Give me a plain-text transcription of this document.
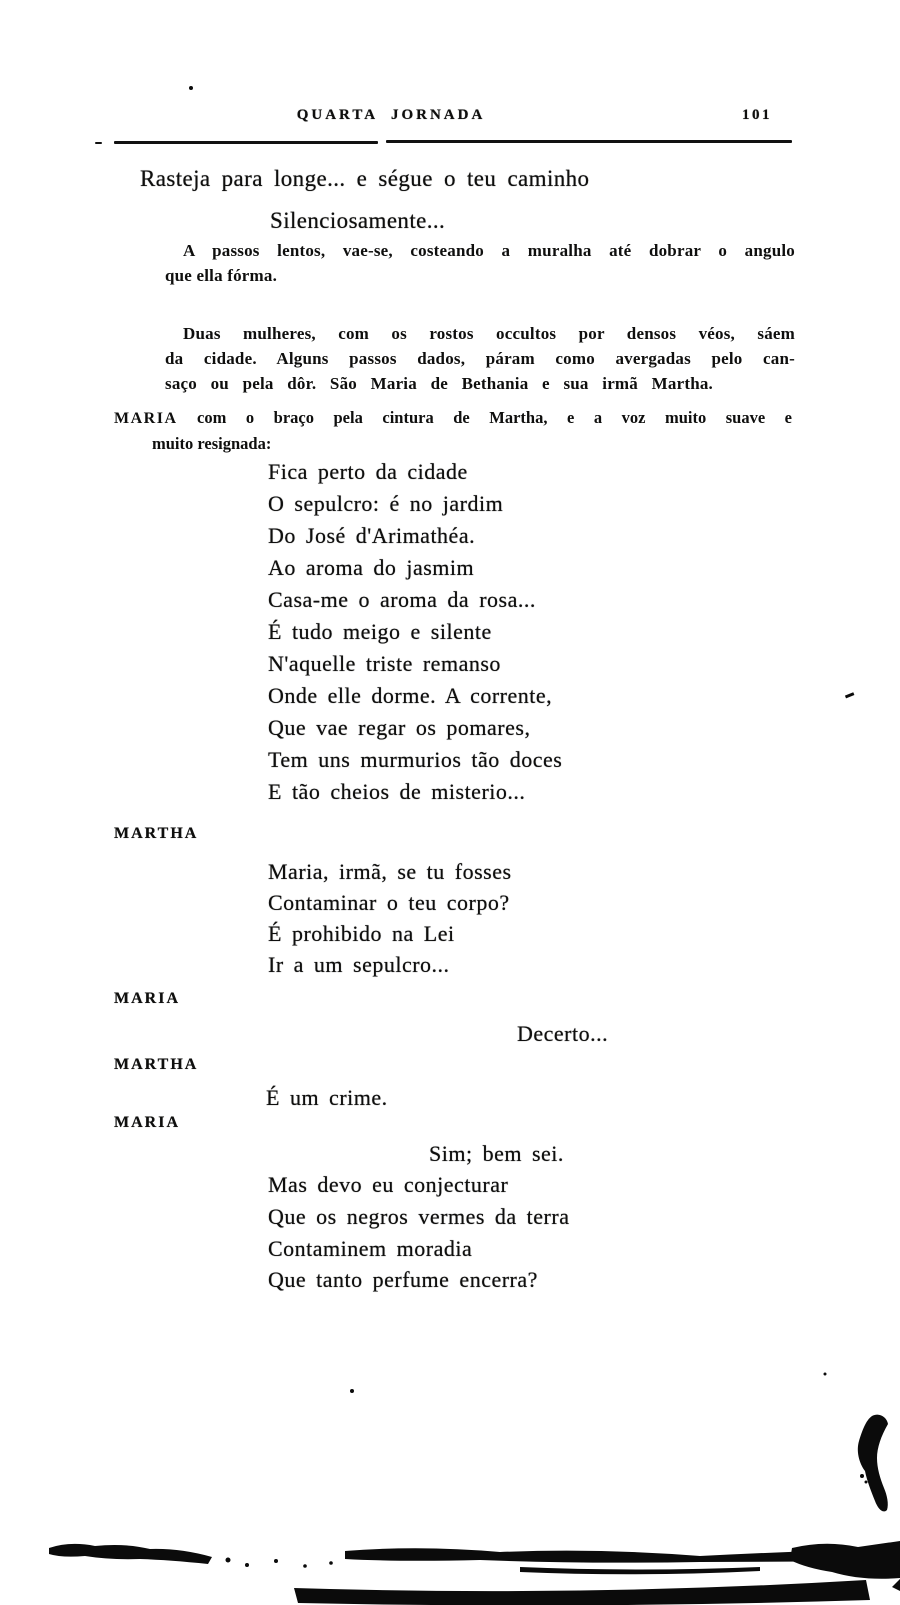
QUARTA JORNADA	101
Rasteja para longe... e ségue o teu caminho
Silenciosamente...
A passos lentos, vae-se, costeando a muralha até dobrar o angulo
que ella fórma.
Duas mulheres, com os rostos occultos por densos véos, sáem
da cidade. Alguns passos dados, páram como avergadas pelo can-
saço ou pela dôr. São Maria de Bethania e sua irmã Martha.
MARIA com o braço pela cintura de Martha, e a voz muito suave e
muito resignada:
Fica perto da cidade
O sepulcro: é no jardim
Do José d'Arimathéa.
Ao aroma do jasmim
Casa-me o aroma da rosa...
É tudo meigo e silente
N'aquelle triste remanso
Onde elle dorme. A corrente,
Que vae regar os pomares,
Tem uns murmurios tão doces
E tão cheios de misterio...
MARTHA
Maria, irmã, se tu fosses
Contaminar o teu corpo?
É prohibido na Lei
Ir a um sepulcro...
MARIA
Decerto...
MARTHA
É um crime.
MARIA
Sim; bem sei.
Mas devo eu conjecturar
Que os negros vermes da terra
Contaminem moradia
Que tanto perfume encerra?
